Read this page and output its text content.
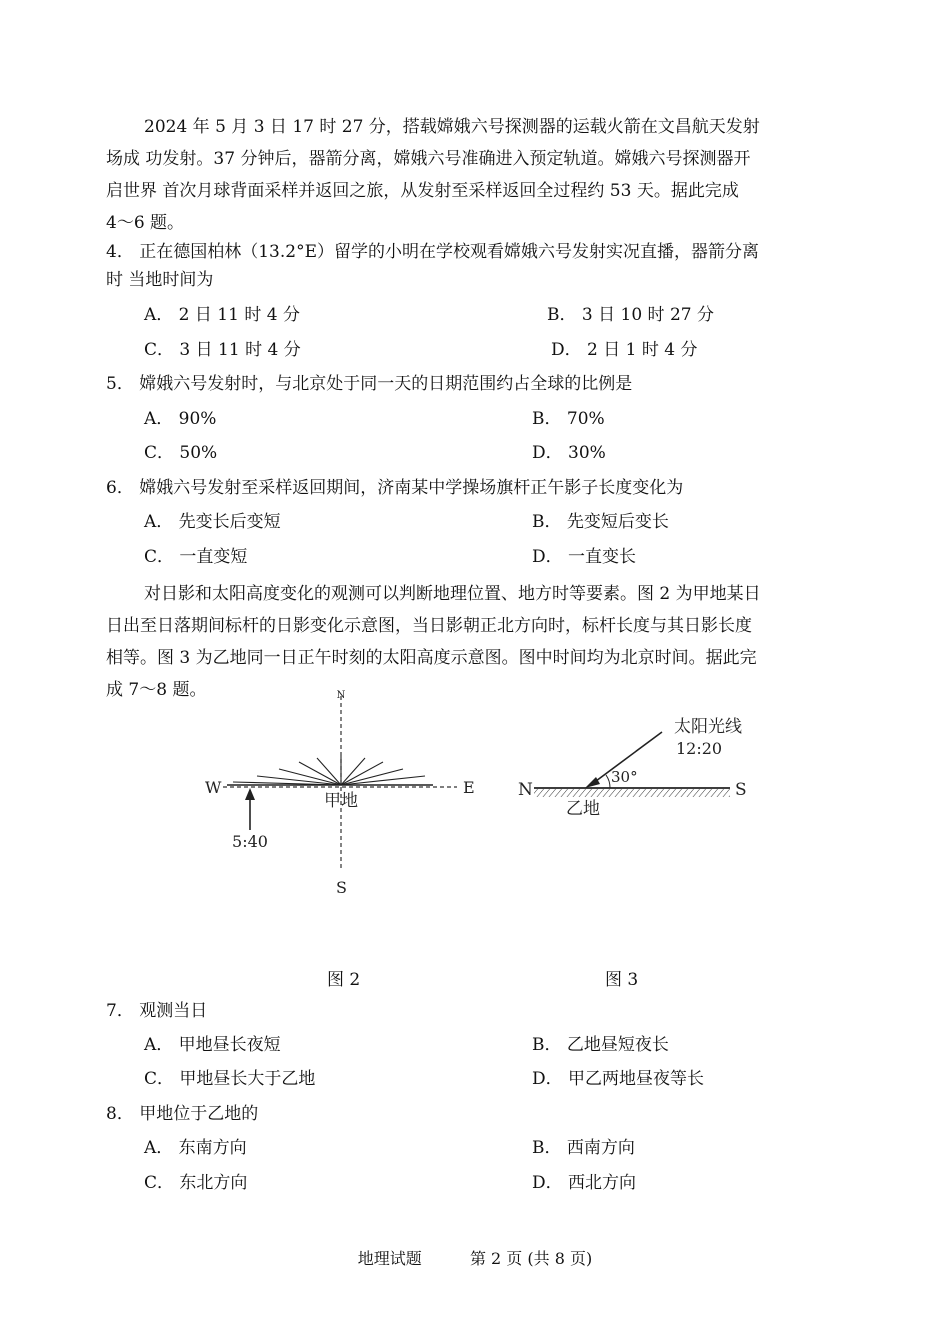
2024 年 5 月 3 日 17 时 27 分，搭载嫦娥六号探测器的运载火箭在文昌航天发射
场成 功发射。37 分钟后，器箭分离，嫦娥六号准确进入预定轨道。嫦娥六号探测器开
启世界 首次月球背面采样并返回之旅，从发射至采样返回全过程约 53 天。据此完成
4～6 题。
4． 正在德国柏林（13.2°E）留学的小明在学校观看嫦娥六号发射实况直播，器箭分离
时 当地时间为
A． 2 日 11 时 4 分	B． 3 日 10 时 27 分
C． 3 日 11 时 4 分	D． 2 日 1 时 4 分
5． 嫦娥六号发射时，与北京处于同一天的日期范围约占全球的比例是
A． 90%	B． 70%
C． 50%	D． 30%
6． 嫦娥六号发射至采样返回期间，济南某中学操场旗杆正午影子长度变化为
A． 先变长后变短	B． 先变短后变长
C． 一直变短	D． 一直变长
对日影和太阳高度变化的观测可以判断地理位置、地方时等要素。图 2 为甲地某日
日出至日落期间标杆的日影变化示意图，当日影朝正北方向时，标杆长度与其日影长度
相等。图 3 为乙地同一日正午时刻的太阳高度示意图。图中时间均为北京时间。据此完
成 7～8 题。	N
W	E
S
甲地
5:40
N	S
乙地
30°
太阳光线
12:20
图 2	图 3
7． 观测当日
A． 甲地昼长夜短	B． 乙地昼短夜长
C． 甲地昼长大于乙地	D． 甲乙两地昼夜等长
8． 甲地位于乙地的
A． 东南方向	B． 西南方向
C． 东北方向	D． 西北方向
地理试题	第 2 页 (共 8 页)
